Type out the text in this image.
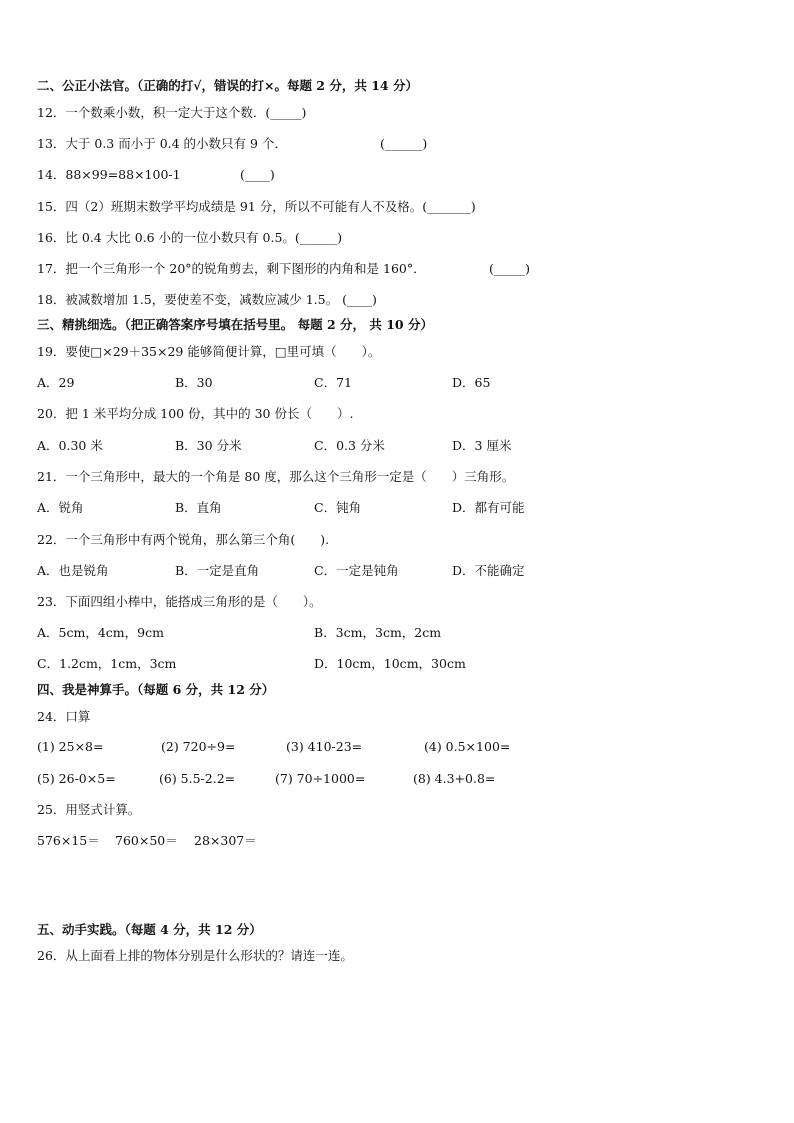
二、公正小法官。（正确的打√，错误的打×。每题 2 分，共 14 分）
12．一个数乘小数，积一定大于这个数．(_____)
13．大于 0.3 而小于 0.4 的小数只有 9 个．	(______)
14．88×99=88×100-1	(____)
15．四（2）班期末数学平均成绩是 91 分，所以不可能有人不及格。(_______)
16．比 0.4 大比 0.6 小的一位小数只有 0.5。(______)
17．把一个三角形一个 20°的锐角剪去，剩下图形的内角和是 160°．	(_____)
18．被减数增加 1.5，要使差不变，减数应减少 1.5。 (____)
三、精挑细选。（把正确答案序号填在括号里。 每题 2 分， 共 10 分）
19．要使□×29＋35×29 能够简便计算，□里可填（　　）。
A．29	B．30	C．71	D．65
20．把 1 米平均分成 100 份，其中的 30 份长（　　）.
A．0.30 米	B．30 分米	C．0.3 分米	D．3 厘米
21．一个三角形中，最大的一个角是 80 度，那么这个三角形一定是（　　）三角形。
A．锐角	B．直角	C．钝角	D．都有可能
22．一个三角形中有两个锐角，那么第三个角(　　).
A．也是锐角	B．一定是直角	C．一定是钝角	D．不能确定
23．下面四组小棒中，能搭成三角形的是（　　）。
A．5cm，4cm，9cm	B．3cm，3cm，2cm
C．1.2cm，1cm，3cm	D．10cm，10cm，30cm
四、我是神算手。（每题 6 分，共 12 分）
24．口算
(1) 25×8=	(2) 720÷9=	(3) 410-23=	(4) 0.5×100=
(5) 26-0×5=	(6) 5.5-2.2=	(7) 70÷1000=	(8) 4.3+0.8=
25．用竖式计算。
576×15＝ 760×50＝ 28×307＝
五、动手实践。（每题 4 分，共 12 分）
26．从上面看上排的物体分别是什么形状的？请连一连。
